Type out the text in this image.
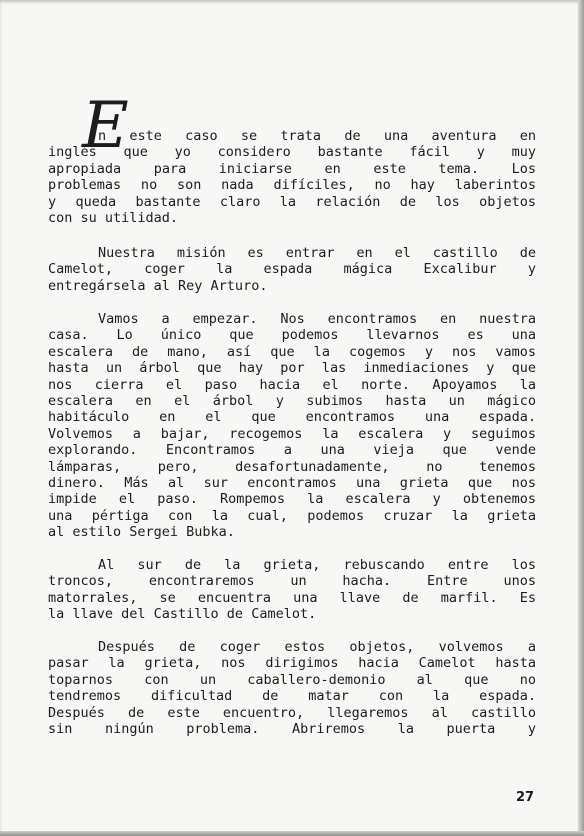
E
n este caso se trata de una aventura en
inglés que yo considero bastante fácil y muy
apropiada para iniciarse en este tema. Los
problemas no son nada difíciles, no hay laberintos
y queda bastante claro la relación de los objetos
con su utilidad.
Nuestra misión es entrar en el castillo de
Camelot, coger la espada mágica Excalibur y
entregársela al Rey Arturo.
Vamos a empezar. Nos encontramos en nuestra
casa. Lo único que podemos llevarnos es una
escalera de mano, así que la cogemos y nos vamos
hasta un árbol que hay por las inmediaciones y que
nos cierra el paso hacia el norte. Apoyamos la
escalera en el árbol y subimos hasta un mágico
habitáculo en el que encontramos una espada.
Volvemos a bajar, recogemos la escalera y seguimos
explorando. Encontramos a una vieja que vende
lámparas, pero, desafortunadamente, no tenemos
dinero. Más al sur encontramos una grieta que nos
impide el paso. Rompemos la escalera y obtenemos
una pértiga con la cual, podemos cruzar la grieta
al estilo Sergei Bubka.
Al sur de la grieta, rebuscando entre los
troncos, encontraremos un hacha. Entre unos
matorrales, se encuentra una llave de marfil. Es
la llave del Castillo de Camelot.
Después de coger estos objetos, volvemos a
pasar la grieta, nos dirigimos hacia Camelot hasta
toparnos con un caballero-demonio al que no
tendremos dificultad de matar con la espada.
Después de este encuentro, llegaremos al castillo
sin ningún problema. Abriremos la puerta y
27
